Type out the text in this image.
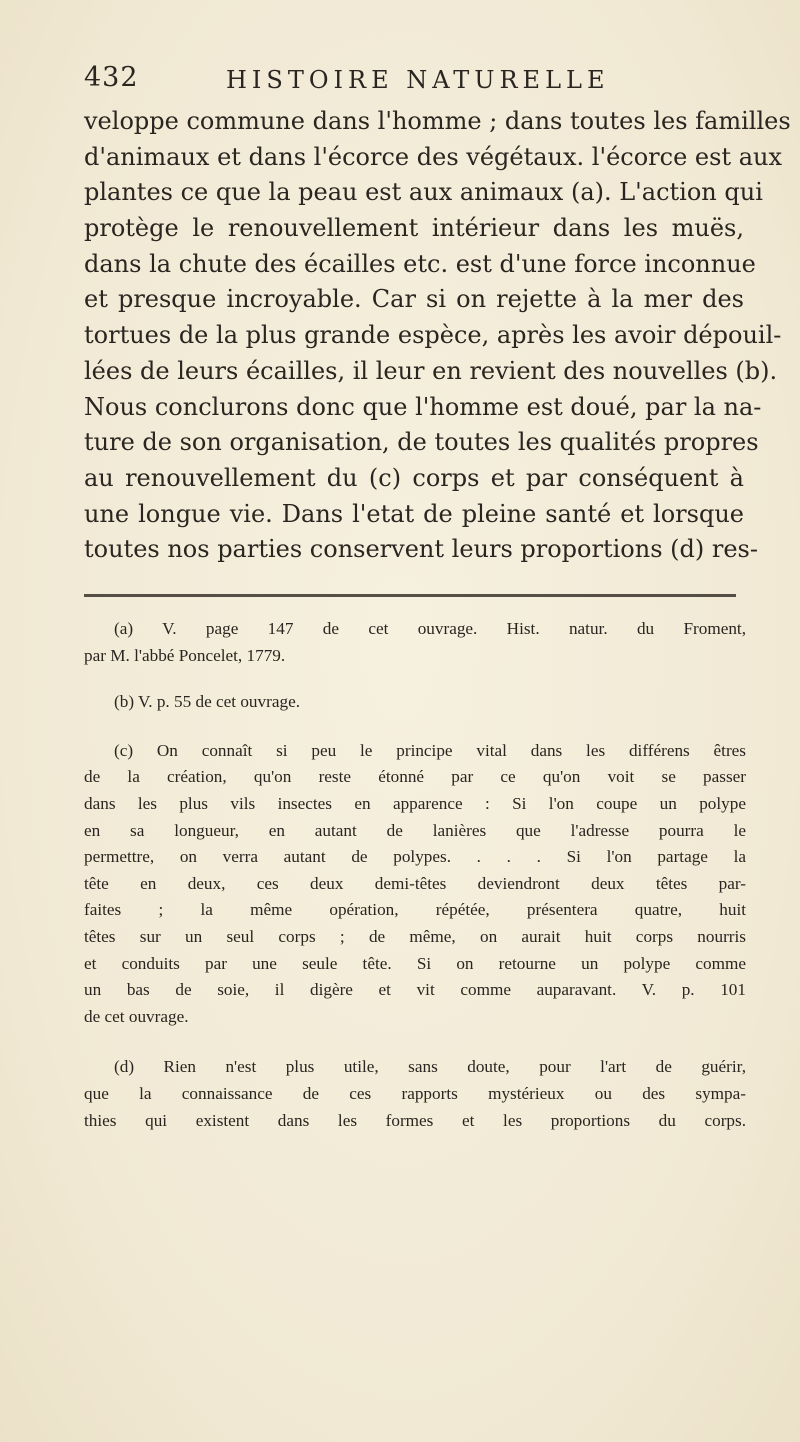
432	HISTOIRE NATURELLE
veloppe commune dans l'homme ; dans toutes les familles
d'animaux et dans l'écorce des végétaux. l'écorce est aux
plantes ce que la peau est aux animaux (a). L'action qui
protège le renouvellement intérieur dans les muës,
dans la chute des écailles etc. est d'une force inconnue
et presque incroyable. Car si on rejette à la mer des
tortues de la plus grande espèce, après les avoir dépouil-
lées de leurs écailles, il leur en revient des nouvelles (b).
Nous conclurons donc que l'homme est doué, par la na-
ture de son organisation, de toutes les qualités propres
au renouvellement du (c) corps et par conséquent à
une longue vie. Dans l'etat de pleine santé et lorsque
toutes nos parties conservent leurs proportions (d) res-
(a) V. page 147 de cet ouvrage. Hist. natur. du Froment,
par M. l'abbé Poncelet, 1779.
(b) V. p. 55 de cet ouvrage.
(c) On connaît si peu le principe vital dans les différens êtres
de la création, qu'on reste étonné par ce qu'on voit se passer
dans les plus vils insectes en apparence : Si l'on coupe un polype
en sa longueur, en autant de lanières que l'adresse pourra le
permettre, on verra autant de polypes. . . . Si l'on partage la
tête en deux, ces deux demi-têtes deviendront deux têtes par-
faites ; la même opération, répétée, présentera quatre, huit
têtes sur un seul corps ; de même, on aurait huit corps nourris
et conduits par une seule tête. Si on retourne un polype comme
un bas de soie, il digère et vit comme auparavant. V. p. 101
de cet ouvrage.
(d) Rien n'est plus utile, sans doute, pour l'art de guérir,
que la connaissance de ces rapports mystérieux ou des sympa-
thies qui existent dans les formes et les proportions du corps.
